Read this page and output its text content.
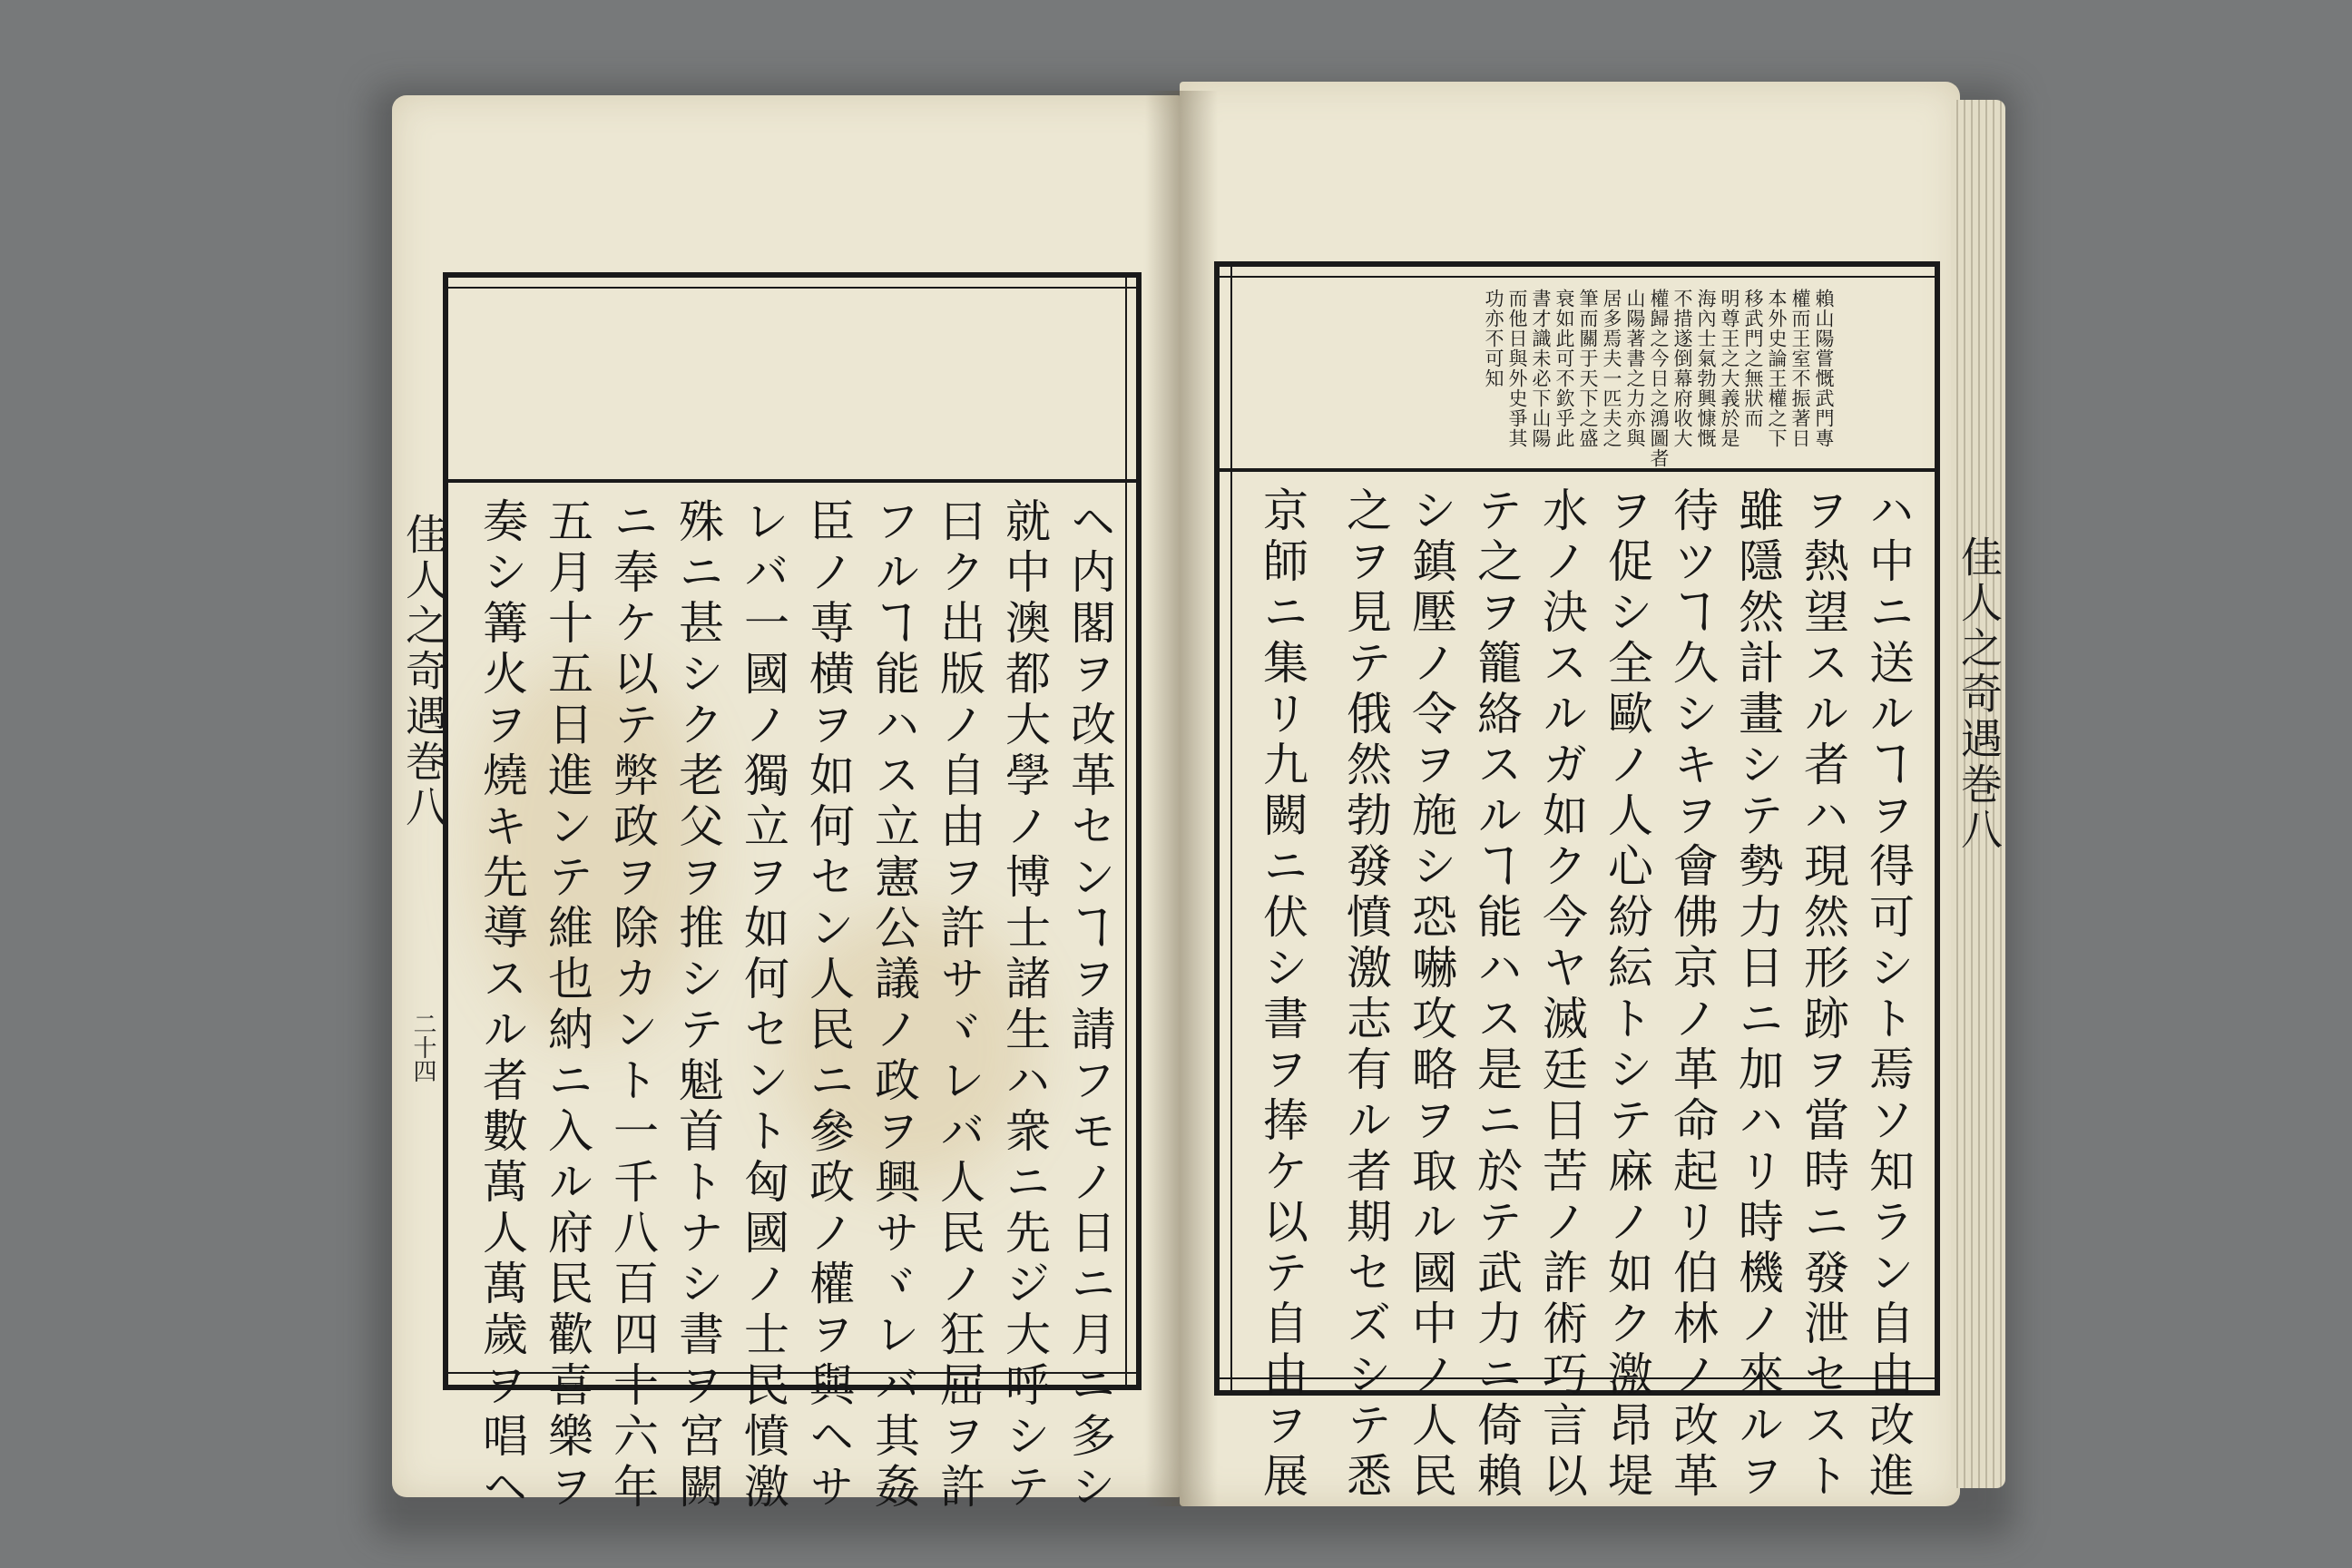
佳人之奇遇巻八
二十四	ヘ内閣ヲ改革センヿヲ請フモノ日ニ月ニ多シ
就中澳都大學ノ博士諸生ハ衆ニ先ジ大呼シテ
曰ク出版ノ自由ヲ許サヾレバ人民ノ狂屈ヲ許
フルヿ能ハス立憲公議ノ政ヲ興サヾレバ其姦
臣ノ専横ヲ如何セン人民ニ參政ノ權ヲ與ヘサ
レバ一國ノ獨立ヲ如何セント匈國ノ士民憤激
殊ニ甚シク老父ヲ推シテ魁首トナシ書ヲ宮闕
ニ奉ケ以テ弊政ヲ除カント一千八百四十六年
五月十五日進ンテ維也納ニ入ル府民歡喜樂ヲ
奏シ篝火ヲ燒キ先導スル者數萬人萬歲ヲ唱ヘ	佳人之奇遇巻八
賴山陽嘗慨武門專
權而王室不振著日
本外史論王權之下
移武門之無狀而
明尊王之大義於是
海內士氣勃興慷慨
不措遂倒幕府收大
權歸之今日之鴻圖者
山陽著書之力亦與
居多焉夫一匹夫之
筆而關于天下之盛
衰如此可不欽乎此
書才識未必下山陽
而他日與外史爭其
功亦不可知
ハ中ニ送ルヿヲ得可シト焉ソ知ラン自由改進
ヲ熱望スル者ハ現然形跡ヲ當時ニ發泄セスト
雖隱然計畫シテ勢力日ニ加ハリ時機ノ來ルヲ
待ツヿ久シキヲ會佛京ノ革命起リ伯林ノ改革
ヲ促シ全歐ノ人心紛紜トシテ麻ノ如ク激昂堤
水ノ決スルガ如ク今ヤ滅廷日苦ノ詐術巧言以
テ之ヲ籠絡スルヿ能ハス是ニ於テ武力ニ倚賴
シ鎮壓ノ令ヲ施シ恐嚇攻略ヲ取ル國中ノ人民
之ヲ見テ俄然勃發憤激志有ル者期セズシテ悉
京師ニ集リ九闕ニ伏シ書ヲ捧ケ以テ自由ヲ展
